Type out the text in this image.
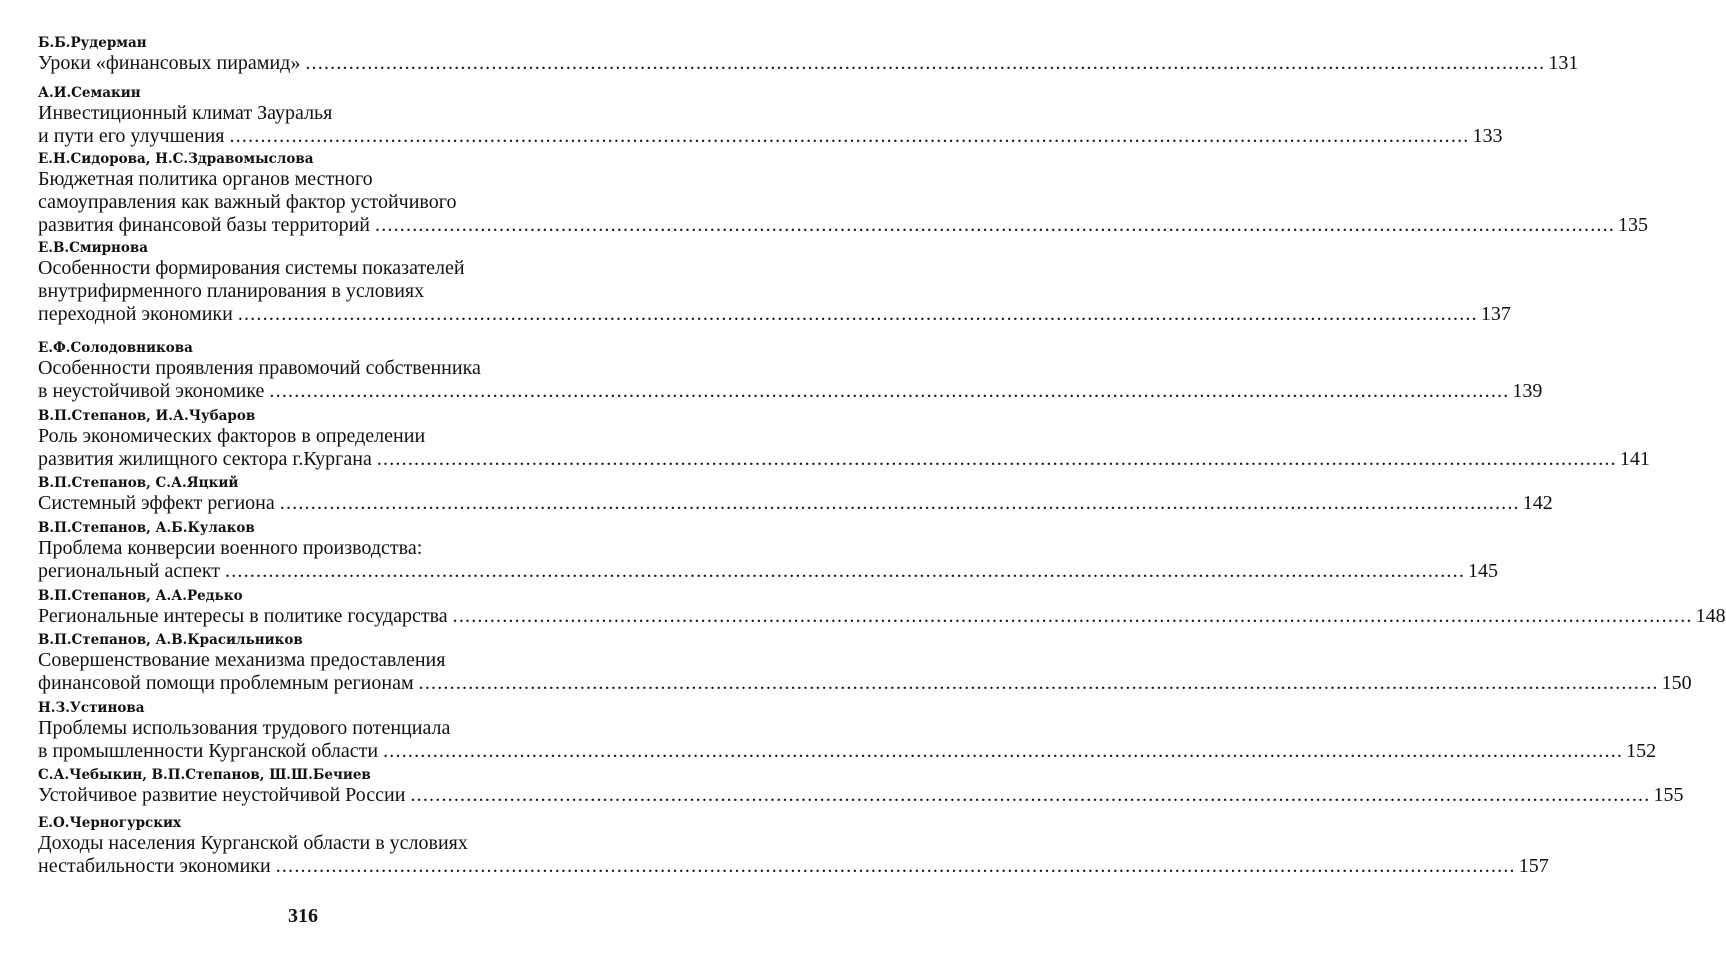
Б.Б.Рудерман
Уроки «финансовых пирамид» ........................................................................................................................................................................................................ 131
А.И.Семакин
Инвестиционный климат Зауралья
и пути его улучшения ........................................................................................................................................................................................................ 133
Е.Н.Сидорова, Н.С.Здравомыслова
Бюджетная политика органов местного
самоуправления как важный фактор устойчивого
развития финансовой базы территорий ........................................................................................................................................................................................................ 135
Е.В.Смирнова
Особенности формирования системы показателей
внутрифирменного планирования в условиях
переходной экономики ........................................................................................................................................................................................................ 137
Е.Ф.Солодовникова
Особенности проявления правомочий собственника
в неустойчивой экономике ........................................................................................................................................................................................................ 139
В.П.Степанов, И.А.Чубаров
Роль экономических факторов в определении
развития жилищного сектора г.Кургана ........................................................................................................................................................................................................ 141
В.П.Степанов, С.А.Яцкий
Системный эффект региона ........................................................................................................................................................................................................ 142
В.П.Степанов, А.Б.Кулаков
Проблема конверсии военного производства:
региональный аспект ........................................................................................................................................................................................................ 145
В.П.Степанов, А.А.Редько
Региональные интересы в политике государства ........................................................................................................................................................................................................ 148
В.П.Степанов, А.В.Красильников
Совершенствование механизма предоставления
финансовой помощи проблемным регионам ........................................................................................................................................................................................................ 150
Н.З.Устинова
Проблемы использования трудового потенциала
в промышленности Курганской области ........................................................................................................................................................................................................ 152
С.А.Чебыкин, В.П.Степанов, Ш.Ш.Бечиев
Устойчивое развитие неустойчивой России ........................................................................................................................................................................................................ 155
Е.О.Черногурских
Доходы населения Курганской области в условиях
нестабильности экономики ........................................................................................................................................................................................................ 157
316
